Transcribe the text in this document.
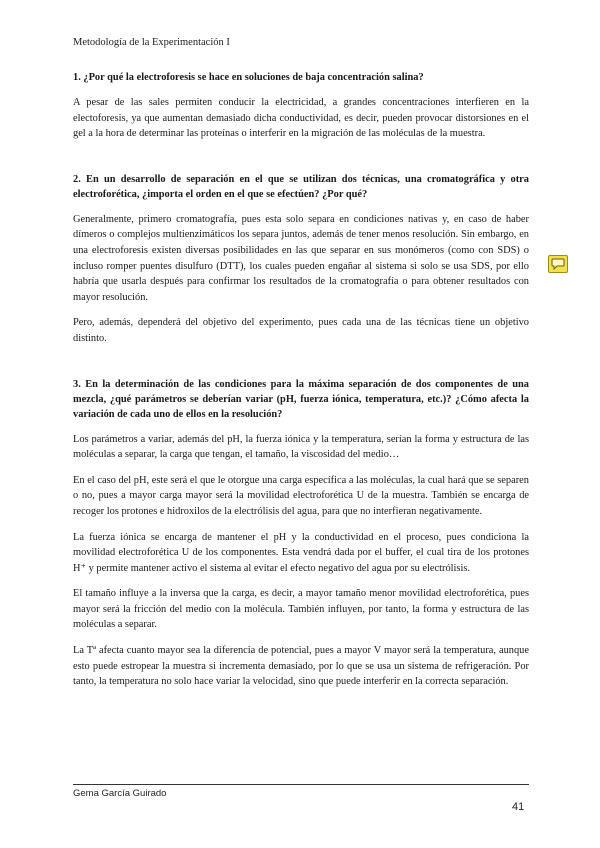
Metodología de la Experimentación I

1. ¿Por qué la electroforesis se hace en soluciones de baja concentración salina?

A pesar de las sales permiten conducir la electricidad, a grandes concentraciones interfieren en la electoforesis, ya que aumentan demasiado dicha conductividad, es decir, pueden provocar distorsiones en el gel a la hora de determinar las proteínas o interferir en la migración de las moléculas de la muestra.

2. En un desarrollo de separación en el que se utilizan dos técnicas, una cromatográfica y otra electroforética, ¿importa el orden en el que se efectúen? ¿Por qué?

Generalmente, primero cromatografía, pues esta solo separa en condiciones nativas y, en caso de haber dímeros o complejos multienzimáticos los separa juntos, además de tener menos resolución. Sin embargo, en una electroforesis existen diversas posibilidades en las que separar en sus monómeros (como con SDS) o incluso romper puentes disulfuro (DTT), los cuales pueden engañar al sistema si solo se usa SDS, por ello habría que usarla después para confirmar los resultados de la cromatografía o para obtener resultados con mayor resolución.

Pero, además, dependerá del objetivo del experimento, pues cada una de las técnicas tiene un objetivo distinto.

3. En la determinación de las condiciones para la máxima separación de dos componentes de una mezcla, ¿qué parámetros se deberían variar (pH, fuerza iónica, temperatura, etc.)? ¿Cómo afecta la variación de cada uno de ellos en la resolución?

Los parámetros a variar, además del pH, la fuerza iónica y la temperatura, serían la forma y estructura de las moléculas a separar, la carga que tengan, el tamaño, la viscosidad del medio…

En el caso del pH, este será el que le otorgue una carga específica a las moléculas, la cual hará que se separen o no, pues a mayor carga mayor será la movilidad electroforética U de la muestra. También se encarga de recoger los protones e hidroxilos de la electrólisis del agua, para que no interfieran negativamente.

La fuerza iónica se encarga de mantener el pH y la conductividad en el proceso, pues condiciona la movilidad electroforética U de los componentes. Esta vendrá dada por el buffer, el cual tira de los protones H⁺ y permite mantener activo el sistema al evitar el efecto negativo del agua por su electrólisis.

El tamaño influye a la inversa que la carga, es decir, a mayor tamaño menor movilidad electroforética, pues mayor será la fricción del medio con la molécula. También influyen, por tanto, la forma y estructura de las moléculas a separar.

La Tª afecta cuanto mayor sea la diferencia de potencial, pues a mayor V mayor será la temperatura, aunque esto puede estropear la muestra si incrementa demasiado, por lo que se usa un sistema de refrigeración. Por tanto, la temperatura no solo hace variar la velocidad, sino que puede interferir en la correcta separación.

Gema García Guirado
41
